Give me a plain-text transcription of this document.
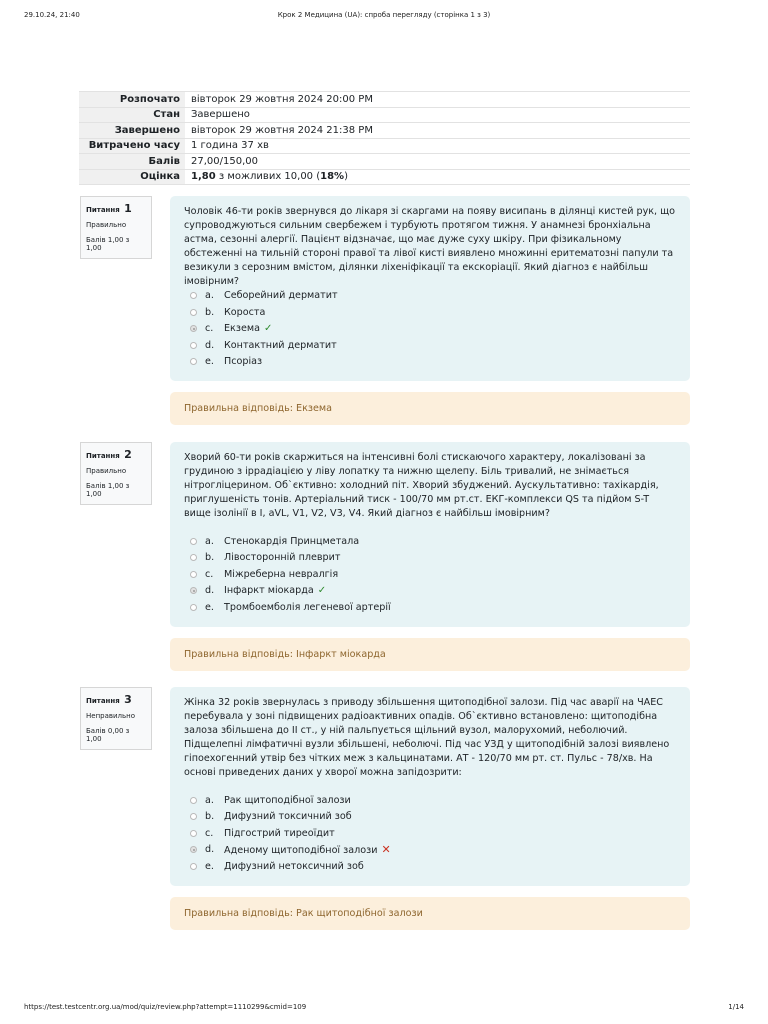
29.10.24, 21:40	Крок 2 Медицина (UA): спроба перегляду (сторінка 1 з 3)
Розпочато	вівторок 29 жовтня 2024 20:00 PM
Стан	Завершено
Завершено	вівторок 29 жовтня 2024 21:38 PM
Витрачено часу	1 година 37 хв
Балів	27,00/150,00
Оцінка	1,80 з можливих 10,00 (18%)
Питання 1
Правильно
Балів 1,00 з 1,00
Чоловік 46-ти років звернувся до лікаря зі скаргами на появу висипань в ділянці кистей рук, що супроводжуються сильним свербежем і турбують протягом тижня. У анамнезі бронхіальна астма, сезонні алергії. Пацієнт відзначає, що має дуже суху шкіру. При фізикальному обстеженні на тильній стороні правої та лівої кисті виявлено множинні еритематозні папули та везикули з серозним вмістом, ділянки ліхеніфікації та екскоріації. Який діагноз є найбільш імовірним?
a. Себорейний дерматит
b. Короста
c. Екзема ✓
d. Контактний дерматит
e. Псоріаз
Правильна відповідь: Екзема
Питання 2
Правильно
Балів 1,00 з 1,00
Хворий 60-ти років скаржиться на інтенсивні болі стискаючого характеру, локалізовані за грудиною з іррадіацією у ліву лопатку та нижню щелепу. Біль тривалий, не знімається нітрогліцерином. Об`єктивно: холодний піт. Хворий збуджений. Аускультативно: тахікардія, приглушеність тонів. Артеріальний тиск - 100/70 мм рт.ст. ЕКГ-комплекси QS та підйом S-T вище ізолінії в I, aVL, V1, V2, V3, V4. Який діагноз є найбільш імовірним?
a. Стенокардія Принцметала
b. Лівосторонній плеврит
c. Міжреберна невралгія
d. Інфаркт міокарда ✓
e. Тромбоемболія легеневої артерії
Правильна відповідь: Інфаркт міокарда
Питання 3
Неправильно
Балів 0,00 з 1,00
Жінка 32 років звернулась з приводу збільшення щитоподібної залози. Під час аварії на ЧАЕС перебувала у зоні підвищених радіоактивних опадів. Об`єктивно встановлено: щитоподібна залоза збільшена до II ст., у ній пальпується щільний вузол, малорухомий, неболючий. Підщелепні лімфатичні вузли збільшені, неболючі. Під час УЗД у щитоподібній залозі виявлено гіпоехогенний утвір без чітких меж з кальцинатами. АТ - 120/70 мм рт. ст. Пульс - 78/хв. На основі приведених даних у хворої можна запідозрити:
a. Рак щитоподібної залози
b. Дифузний токсичний зоб
c. Підгострий тиреоїдит
d. Аденому щитоподібної залози ✕
e. Дифузний нетоксичний зоб
Правильна відповідь: Рак щитоподібної залози
https://test.testcentr.org.ua/mod/quiz/review.php?attempt=1110299&cmid=109	1/14
